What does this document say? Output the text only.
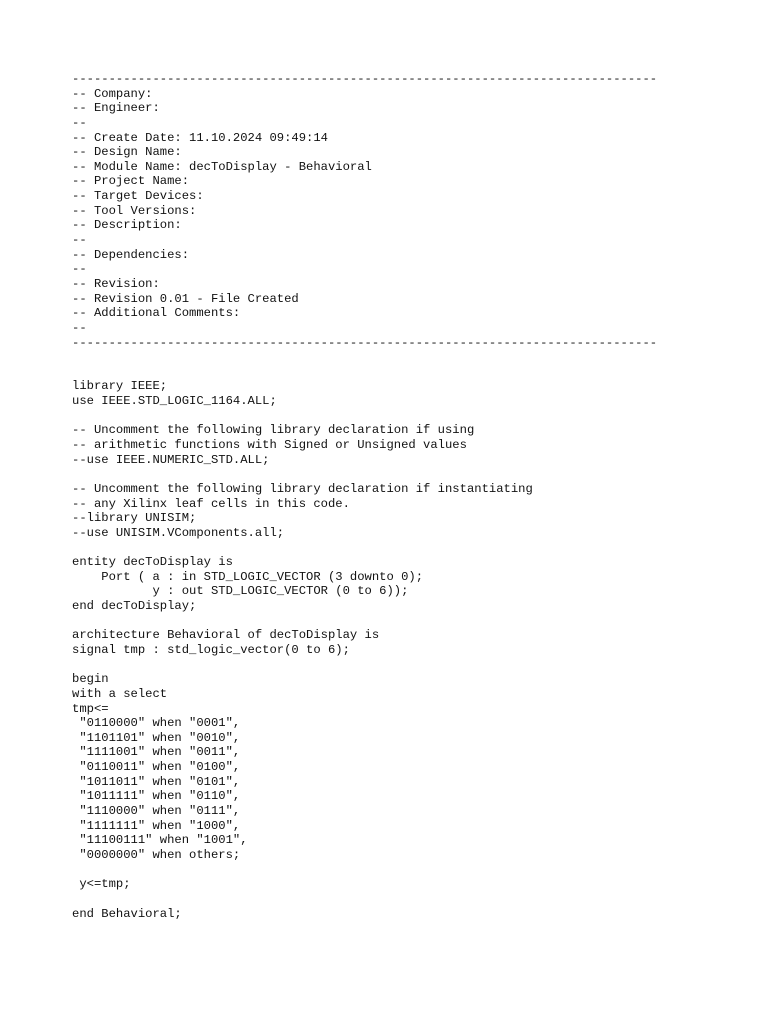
--------------------------------------------------------------------------------
-- Company:
-- Engineer:
--
-- Create Date: 11.10.2024 09:49:14
-- Design Name:
-- Module Name: decToDisplay - Behavioral
-- Project Name:
-- Target Devices:
-- Tool Versions:
-- Description:
--
-- Dependencies:
--
-- Revision:
-- Revision 0.01 - File Created
-- Additional Comments:
--
--------------------------------------------------------------------------------
library IEEE;
use IEEE.STD_LOGIC_1164.ALL;
-- Uncomment the following library declaration if using
-- arithmetic functions with Signed or Unsigned values
--use IEEE.NUMERIC_STD.ALL;
-- Uncomment the following library declaration if instantiating
-- any Xilinx leaf cells in this code.
--library UNISIM;
--use UNISIM.VComponents.all;
entity decToDisplay is
Port ( a : in STD_LOGIC_VECTOR (3 downto 0);
y : out STD_LOGIC_VECTOR (0 to 6));
end decToDisplay;
architecture Behavioral of decToDisplay is
signal tmp : std_logic_vector(0 to 6);
begin
with a select
tmp<=
"0110000" when "0001",
"1101101" when "0010",
"1111001" when "0011",
"0110011" when "0100",
"1011011" when "0101",
"1011111" when "0110",
"1110000" when "0111",
"1111111" when "1000",
"11100111" when "1001",
"0000000" when others;
y<=tmp;
end Behavioral;
